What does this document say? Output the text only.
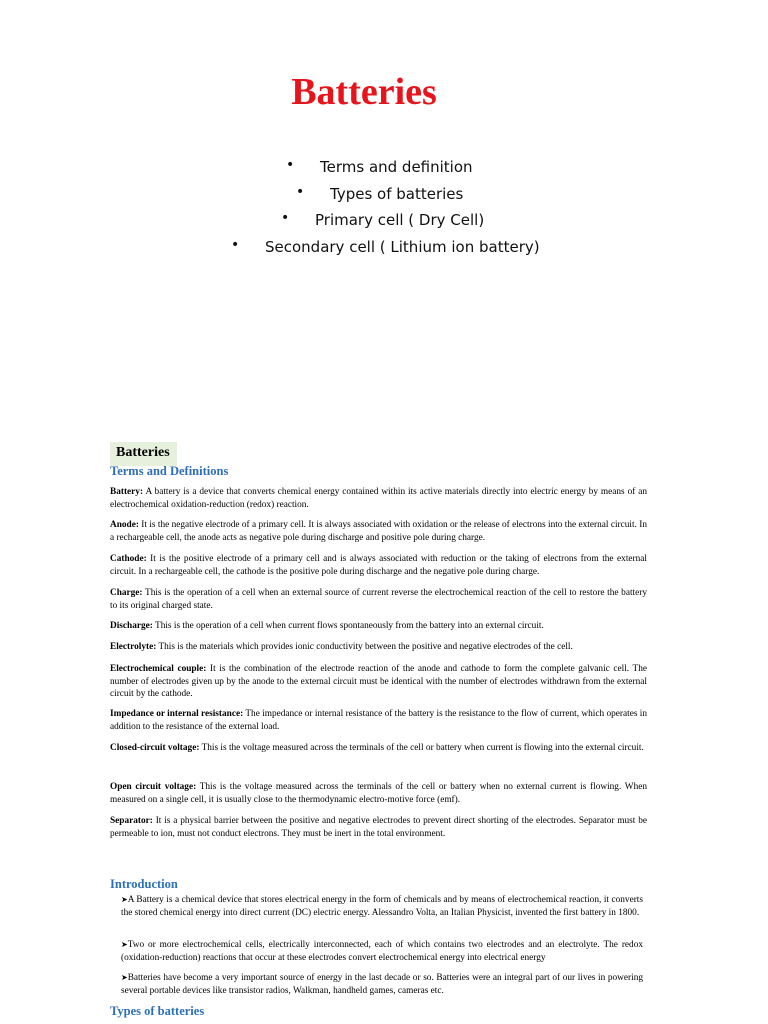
Batteries
• Terms and definition
• Types of batteries
• Primary cell ( Dry Cell)
• Secondary cell ( Lithium ion battery)
Batteries
Terms and Definitions
Battery: A battery is a device that converts chemical energy contained within its active materials directly into electric energy by means of an electrochemical oxidation-reduction (redox) reaction.
Anode: It is the negative electrode of a primary cell. It is always associated with oxidation or the release of electrons into the external circuit. In a rechargeable cell, the anode acts as negative pole during discharge and positive pole during charge.
Cathode: It is the positive electrode of a primary cell and is always associated with reduction or the taking of electrons from the external circuit. In a rechargeable cell, the cathode is the positive pole during discharge and the negative pole during charge.
Charge: This is the operation of a cell when an external source of current reverse the electrochemical reaction of the cell to restore the battery to its original charged state.
Discharge: This is the operation of a cell when current flows spontaneously from the battery into an external circuit.
Electrolyte: This is the materials which provides ionic conductivity between the positive and negative electrodes of the cell.
Electrochemical couple: It is the combination of the electrode reaction of the anode and cathode to form the complete galvanic cell. The number of electrodes given up by the anode to the external circuit must be identical with the number of electrodes withdrawn from the external circuit by the cathode.
Impedance or internal resistance: The impedance or internal resistance of the battery is the resistance to the flow of current, which operates in addition to the resistance of the external load.
Closed-circuit voltage: This is the voltage measured across the terminals of the cell or battery when current is flowing into the external circuit.
Open circuit voltage: This is the voltage measured across the terminals of the cell or battery when no external current is flowing. When measured on a single cell, it is usually close to the thermodynamic electro-motive force (emf).
Separator: It is a physical barrier between the positive and negative electrodes to prevent direct shorting of the electrodes. Separator must be permeable to ion, must not conduct electrons. They must be inert in the total environment.
Introduction
➤A Battery is a chemical device that stores electrical energy in the form of chemicals and by means of electrochemical reaction, it converts the stored chemical energy into direct current (DC) electric energy. Alessandro Volta, an Italian Physicist, invented the first battery in 1800.
➤Two or more electrochemical cells, electrically interconnected, each of which contains two electrodes and an electrolyte. The redox (oxidation-reduction) reactions that occur at these electrodes convert electrochemical energy into electrical energy
➤Batteries have become a very important source of energy in the last decade or so. Batteries were an integral part of our lives in powering several portable devices like transistor radios, Walkman, handheld games, cameras etc.
Types of batteries
